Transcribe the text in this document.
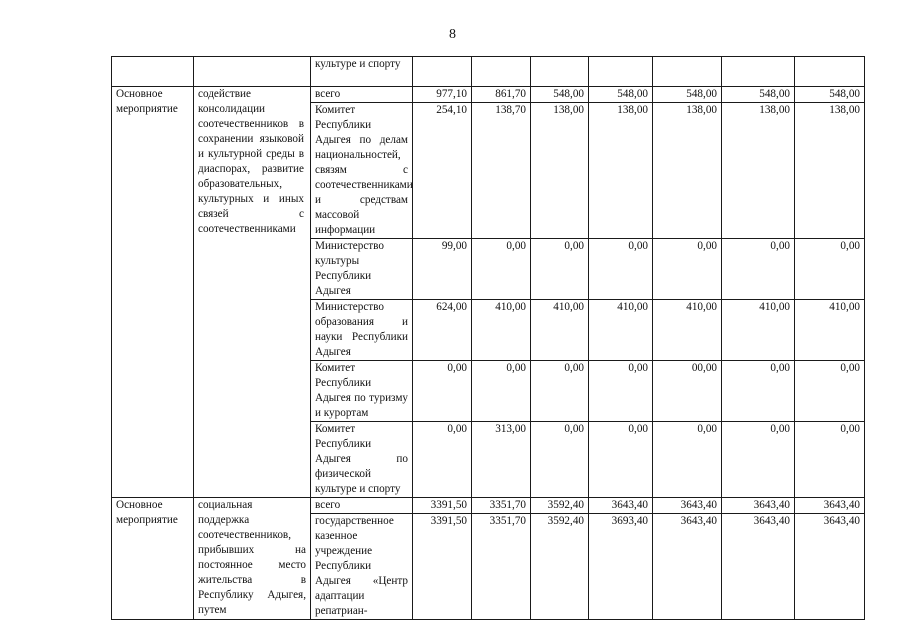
8
		культуре и спорту							
Основное мероприятие	содействие консолидации соотечественников в сохранении языковой и культурной среды в диаспорах, развитие образовательных, культурных и иных связей с соотечественниками	всего	977,10	861,70	548,00	548,00	548,00	548,00	548,00
		Комитет Республики Адыгея по делам национальностей, связям с соотечественниками и средствам массовой информации	254,10	138,70	138,00	138,00	138,00	138,00	138,00
		Министерство культуры Республики Адыгея	99,00	0,00	0,00	0,00	0,00	0,00	0,00
		Министерство образования и науки Республики Адыгея	624,00	410,00	410,00	410,00	410,00	410,00	410,00
		Комитет Республики Адыгея по туризму и курортам	0,00	0,00	0,00	0,00	00,00	0,00	0,00
		Комитет Республики Адыгея по физической культуре и спорту	0,00	313,00	0,00	0,00	0,00	0,00	0,00
Основное мероприятие	социальная поддержка соотечественников, прибывших на постоянное место жительства в Республику Адыгея, путем	всего	3391,50	3351,70	3592,40	3643,40	3643,40	3643,40	3643,40
		государственное казенное учреждение Республики Адыгея «Центр адаптации репатриан-	3391,50	3351,70	3592,40	3693,40	3643,40	3643,40	3643,40
